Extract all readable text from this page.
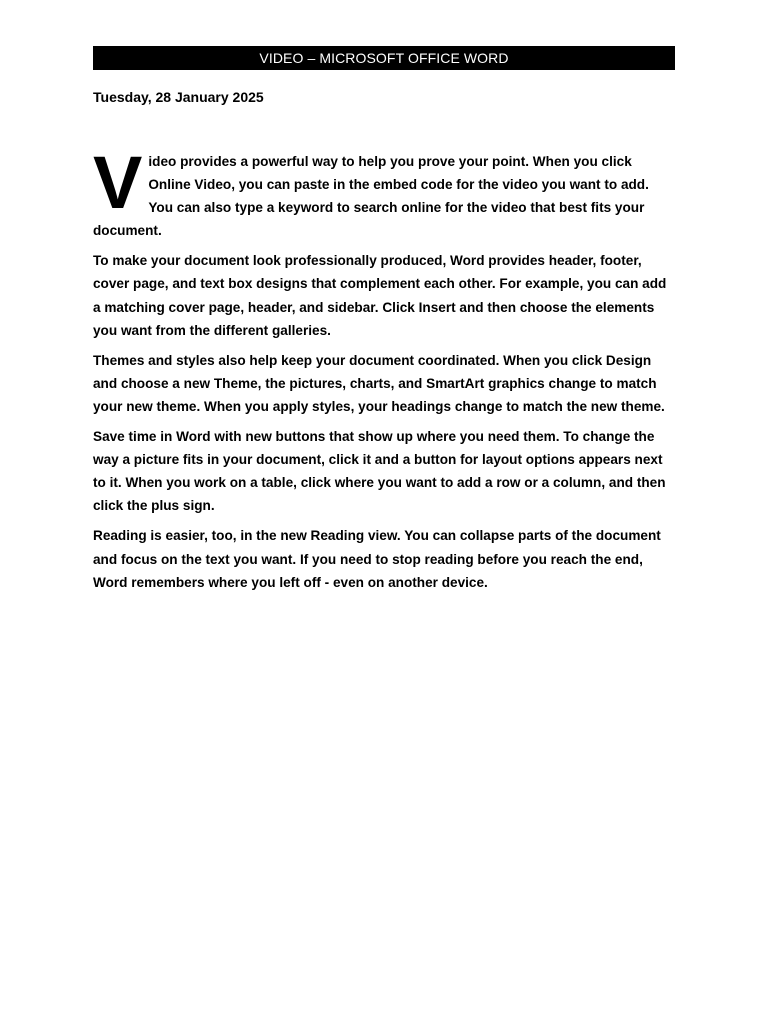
VIDEO – MICROSOFT OFFICE WORD
Tuesday, 28 January 2025

Video provides a powerful way to help you prove your point. When you click Online Video, you can paste in the embed code for the video you want to add. You can also type a keyword to search online for the video that best fits your document.

To make your document look professionally produced, Word provides header, footer, cover page, and text box designs that complement each other. For example, you can add a matching cover page, header, and sidebar. Click Insert and then choose the elements you want from the different galleries.

Themes and styles also help keep your document coordinated. When you click Design and choose a new Theme, the pictures, charts, and SmartArt graphics change to match your new theme. When you apply styles, your headings change to match the new theme.

Save time in Word with new buttons that show up where you need them. To change the way a picture fits in your document, click it and a button for layout options appears next to it. When you work on a table, click where you want to add a row or a column, and then click the plus sign.

Reading is easier, too, in the new Reading view. You can collapse parts of the document and focus on the text you want. If you need to stop reading before you reach the end, Word remembers where you left off - even on another device.
